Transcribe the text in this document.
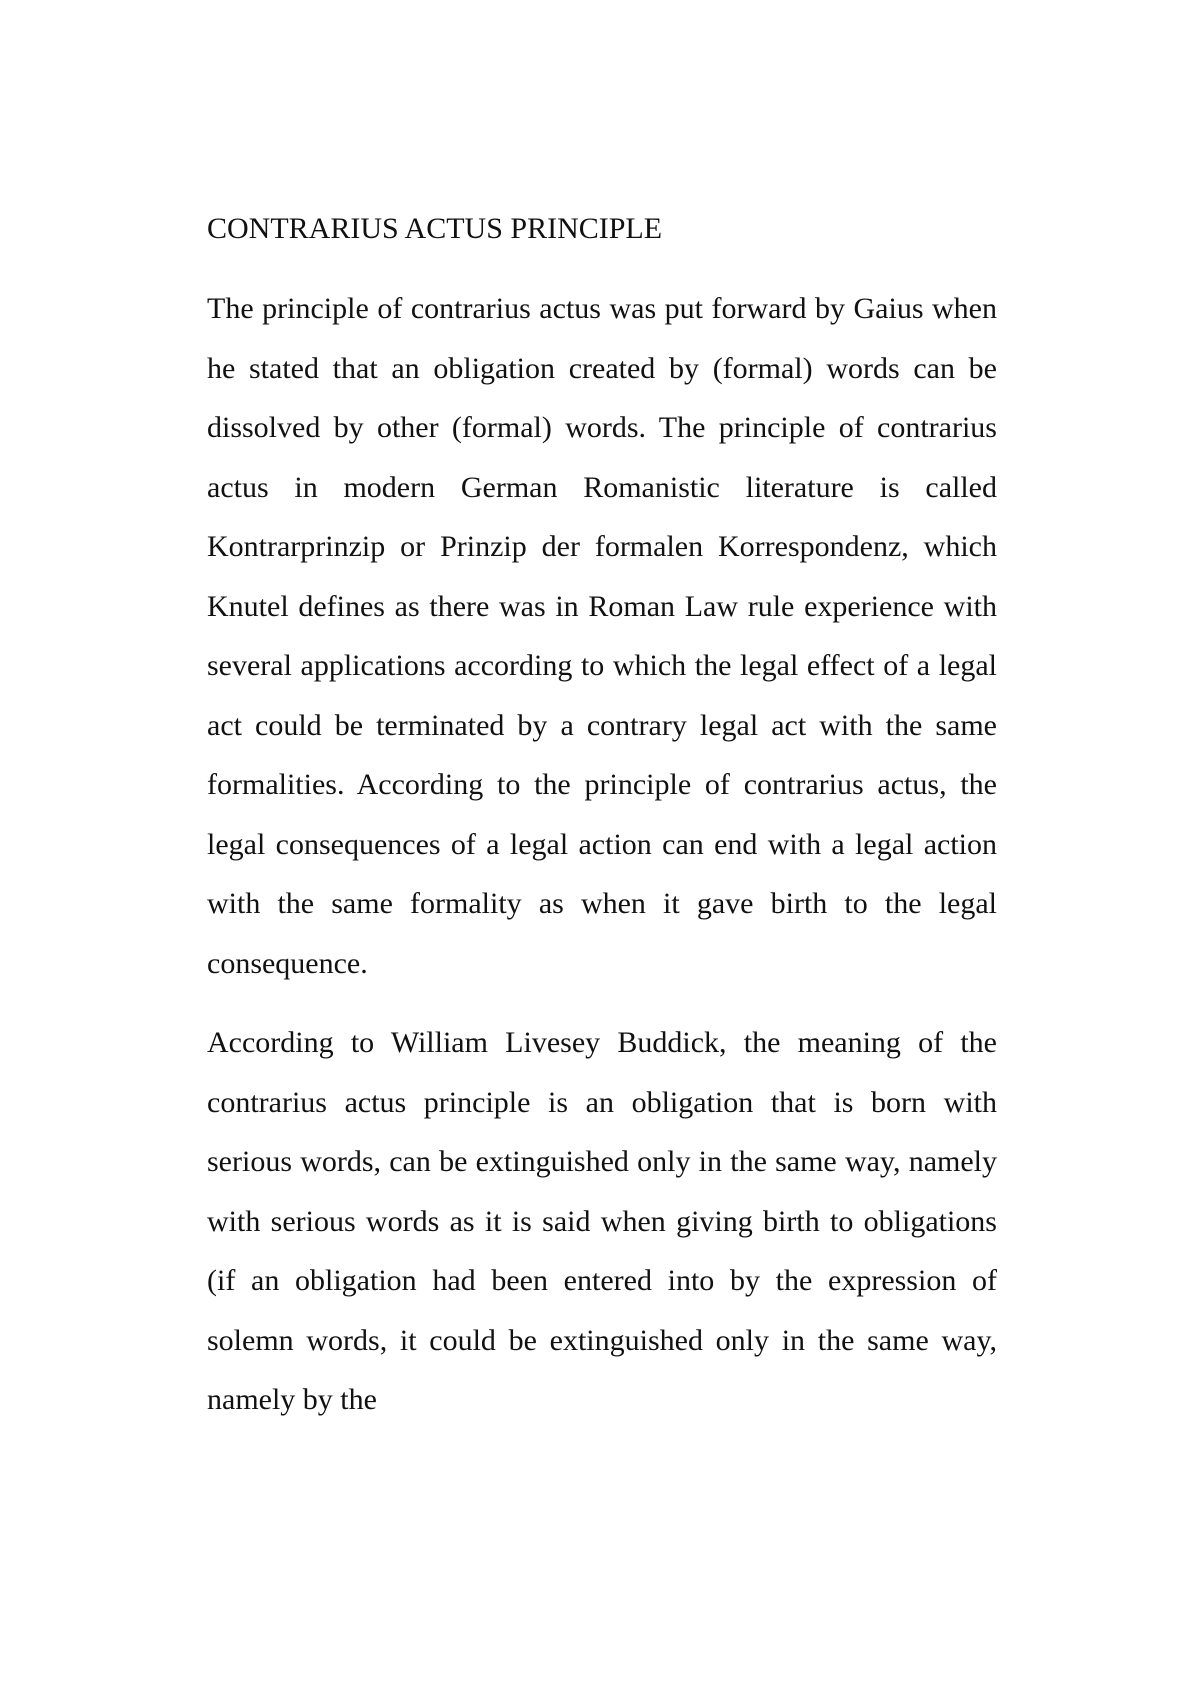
CONTRARIUS ACTUS PRINCIPLE

The principle of contrarius actus was put forward by Gaius when he stated that an obligation created by (formal) words can be dissolved by other (formal) words. The principle of contrarius actus in modern German Romanistic literature is called Kontrarprinzip or Prinzip der formalen Korrespondenz, which Knutel defines as there was in Roman Law rule experience with several applications according to which the legal effect of a legal act could be terminated by a contrary legal act with the same formalities. According to the principle of contrarius actus, the legal consequences of a legal action can end with a legal action with the same formality as when it gave birth to the legal consequence.

According to William Livesey Buddick, the meaning of the contrarius actus principle is an obligation that is born with serious words, can be extinguished only in the same way, namely with serious words as it is said when giving birth to obligations (if an obligation had been entered into by the expression of solemn words, it could be extinguished only in the same way, namely by the
